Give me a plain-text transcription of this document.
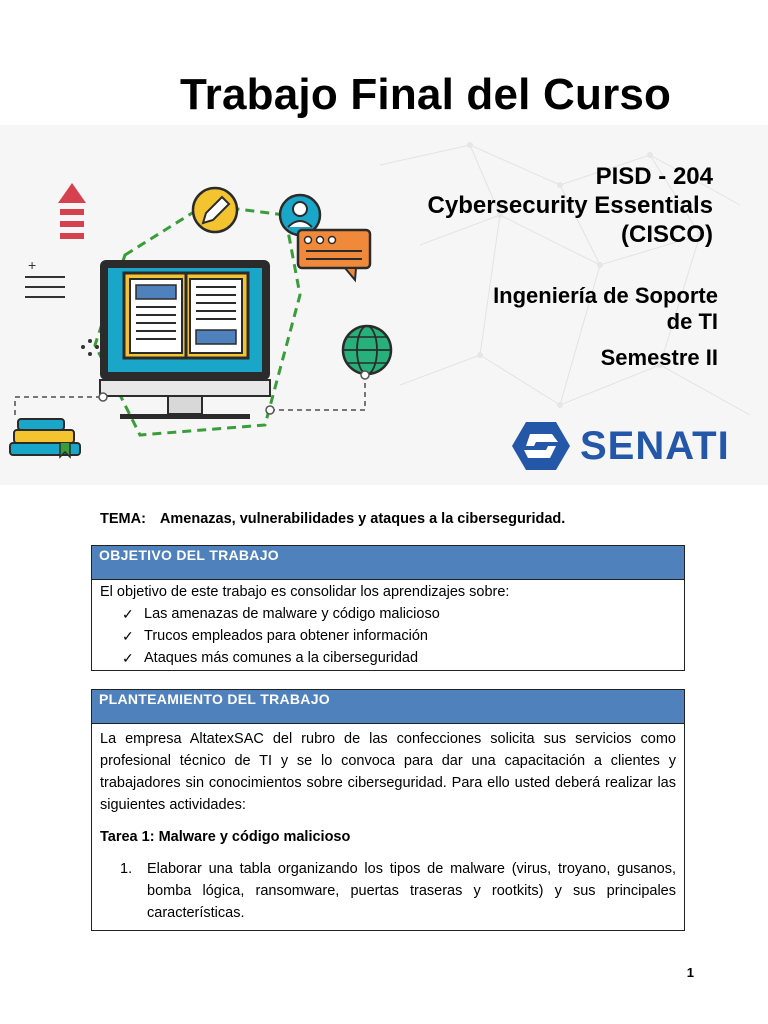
Trabajo Final del Curso
+
SENATI
PISD - 204
Cybersecurity Essentials
(CISCO)
Ingeniería de Soporte
de TI
Semestre II
TEMA: Amenazas, vulnerabilidades y ataques a la ciberseguridad.
OBJETIVO DEL TRABAJO
El objetivo de este trabajo es consolidar los aprendizajes sobre:
✓ Las amenazas de malware y código malicioso
✓ Trucos empleados para obtener información
✓ Ataques más comunes a la ciberseguridad
PLANTEAMIENTO DEL TRABAJO
La empresa AltatexSAC del rubro de las confecciones solicita sus servicios como profesional técnico de TI y se lo convoca para dar una capacitación a clientes y trabajadores sin conocimientos sobre ciberseguridad. Para ello usted deberá realizar las siguientes actividades:
Tarea 1: Malware y código malicioso
1.	Elaborar una tabla organizando los tipos de malware (virus, troyano, gusanos, bomba lógica, ransomware, puertas traseras y rootkits) y sus principales características.
1
